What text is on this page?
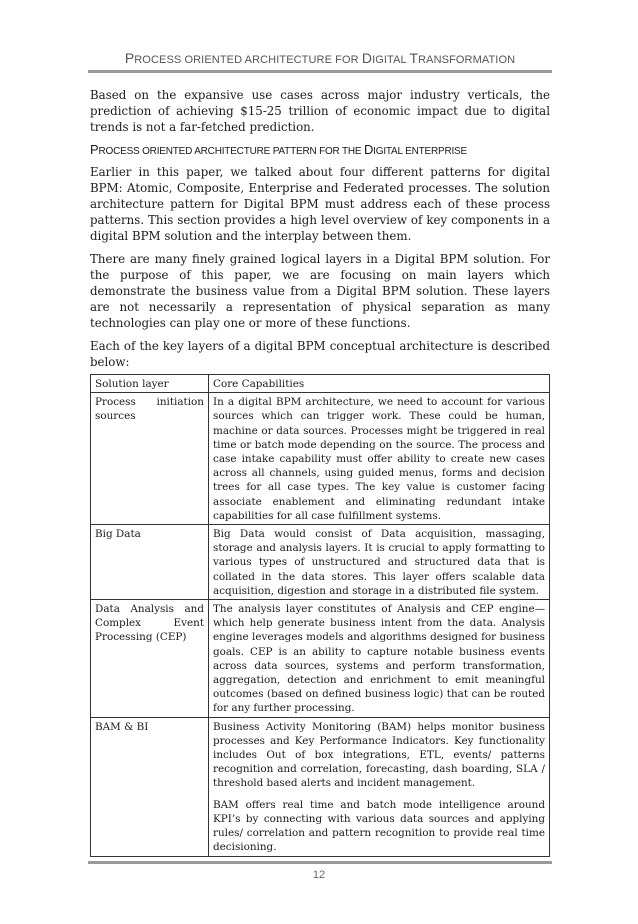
PROCESS ORIENTED ARCHITECTURE FOR DIGITAL TRANSFORMATION

Based on the expansive use cases across major industry verticals, the prediction of achieving $15-25 trillion of economic impact due to digital trends is not a far-fetched prediction.

PROCESS ORIENTED ARCHITECTURE PATTERN FOR THE DIGITAL ENTERPRISE

Earlier in this paper, we talked about four different patterns for digital BPM: Atomic, Composite, Enterprise and Federated processes. The solution architecture pattern for Digital BPM must address each of these process patterns. This section provides a high level overview of key components in a digital BPM solution and the interplay between them.

There are many finely grained logical layers in a Digital BPM solution. For the purpose of this paper, we are focusing on main layers which demonstrate the business value from a Digital BPM solution. These layers are not necessarily a representation of physical separation as many technologies can play one or more of these functions.

Each of the key layers of a digital BPM conceptual architecture is described below:

Solution layer	Core Capabilities
Process initiation sources	In a digital BPM architecture, we need to account for various sources which can trigger work. These could be human, machine or data sources. Processes might be triggered in real time or batch mode depending on the source. The process and case intake capability must offer ability to create new cases across all channels, using guided menus, forms and decision trees for all case types. The key value is customer facing associate enablement and eliminating redundant intake capabilities for all case fulfillment systems.

Big Data	Big Data would consist of Data acquisition, massaging, storage and analysis layers. It is crucial to apply formatting to various types of unstructured and structured data that is collated in the data stores. This layer offers scalable data acquisition, digestion and storage in a distributed file system.

Data Analysis and Complex Event Processing (CEP)	The analysis layer constitutes of Analysis and CEP engine—which help generate business intent from the data. Analysis engine leverages models and algorithms designed for business goals. CEP is an ability to capture notable business events across data sources, systems and perform transformation, aggregation, detection and enrichment to emit meaningful outcomes (based on defined business logic) that can be routed for any further processing.

BAM & BI	Business Activity Monitoring (BAM) helps monitor business processes and Key Performance Indicators. Key functionality includes Out of box integrations, ETL, events/ patterns recognition and correlation, forecasting, dash boarding, SLA / threshold based alerts and incident management.

BAM offers real time and batch mode intelligence around KPI’s by connecting with various data sources and applying rules/ correlation and pattern recognition to provide real time decisioning.

12
